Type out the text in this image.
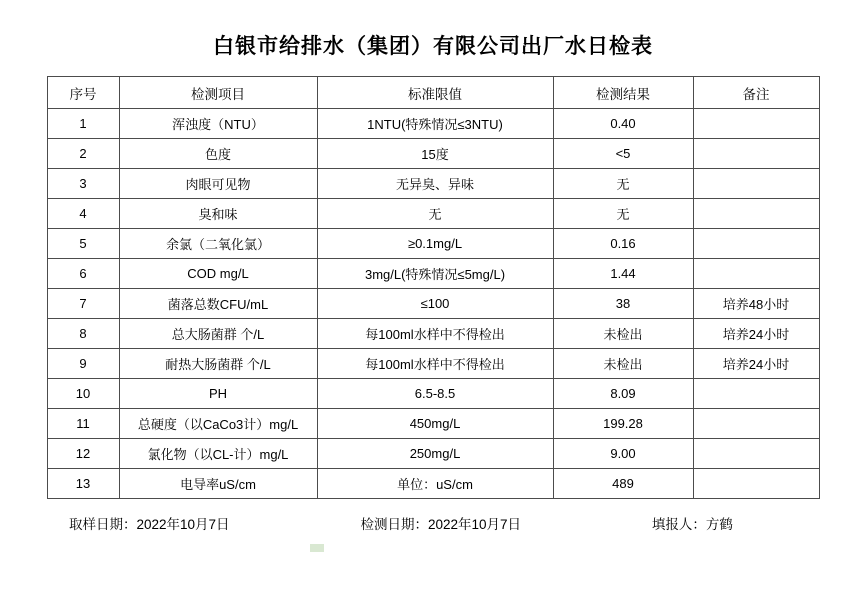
白银市给排水（集团）有限公司出厂水日检表
序号	检测项目	标准限值	检测结果	备注
1	浑浊度（NTU）	1NTU(特殊情况≤3NTU)	0.40	
2	色度	15度	<5	
3	肉眼可见物	无异臭、异味	无	
4	臭和味	无	无	
5	余氯（二氧化氯）	≥0.1mg/L	0.16	
6	COD mg/L	3mg/L(特殊情况≤5mg/L)	1.44	
7	菌落总数CFU/mL	≤100	38	培养48小时
8	总大肠菌群 个/L	每100ml水样中不得检出	未检出	培养24小时
9	耐热大肠菌群 个/L	每100ml水样中不得检出	未检出	培养24小时
10	PH	6.5-8.5	8.09	
11	总硬度（以CaCo3计）mg/L	450mg/L	199.28	
12	氯化物（以CL-计）mg/L	250mg/L	9.00	
13	电导率uS/cm	单位：uS/cm	489	
取样日期：2022年10月7日	检测日期：2022年10月7日	填报人：方鹤
